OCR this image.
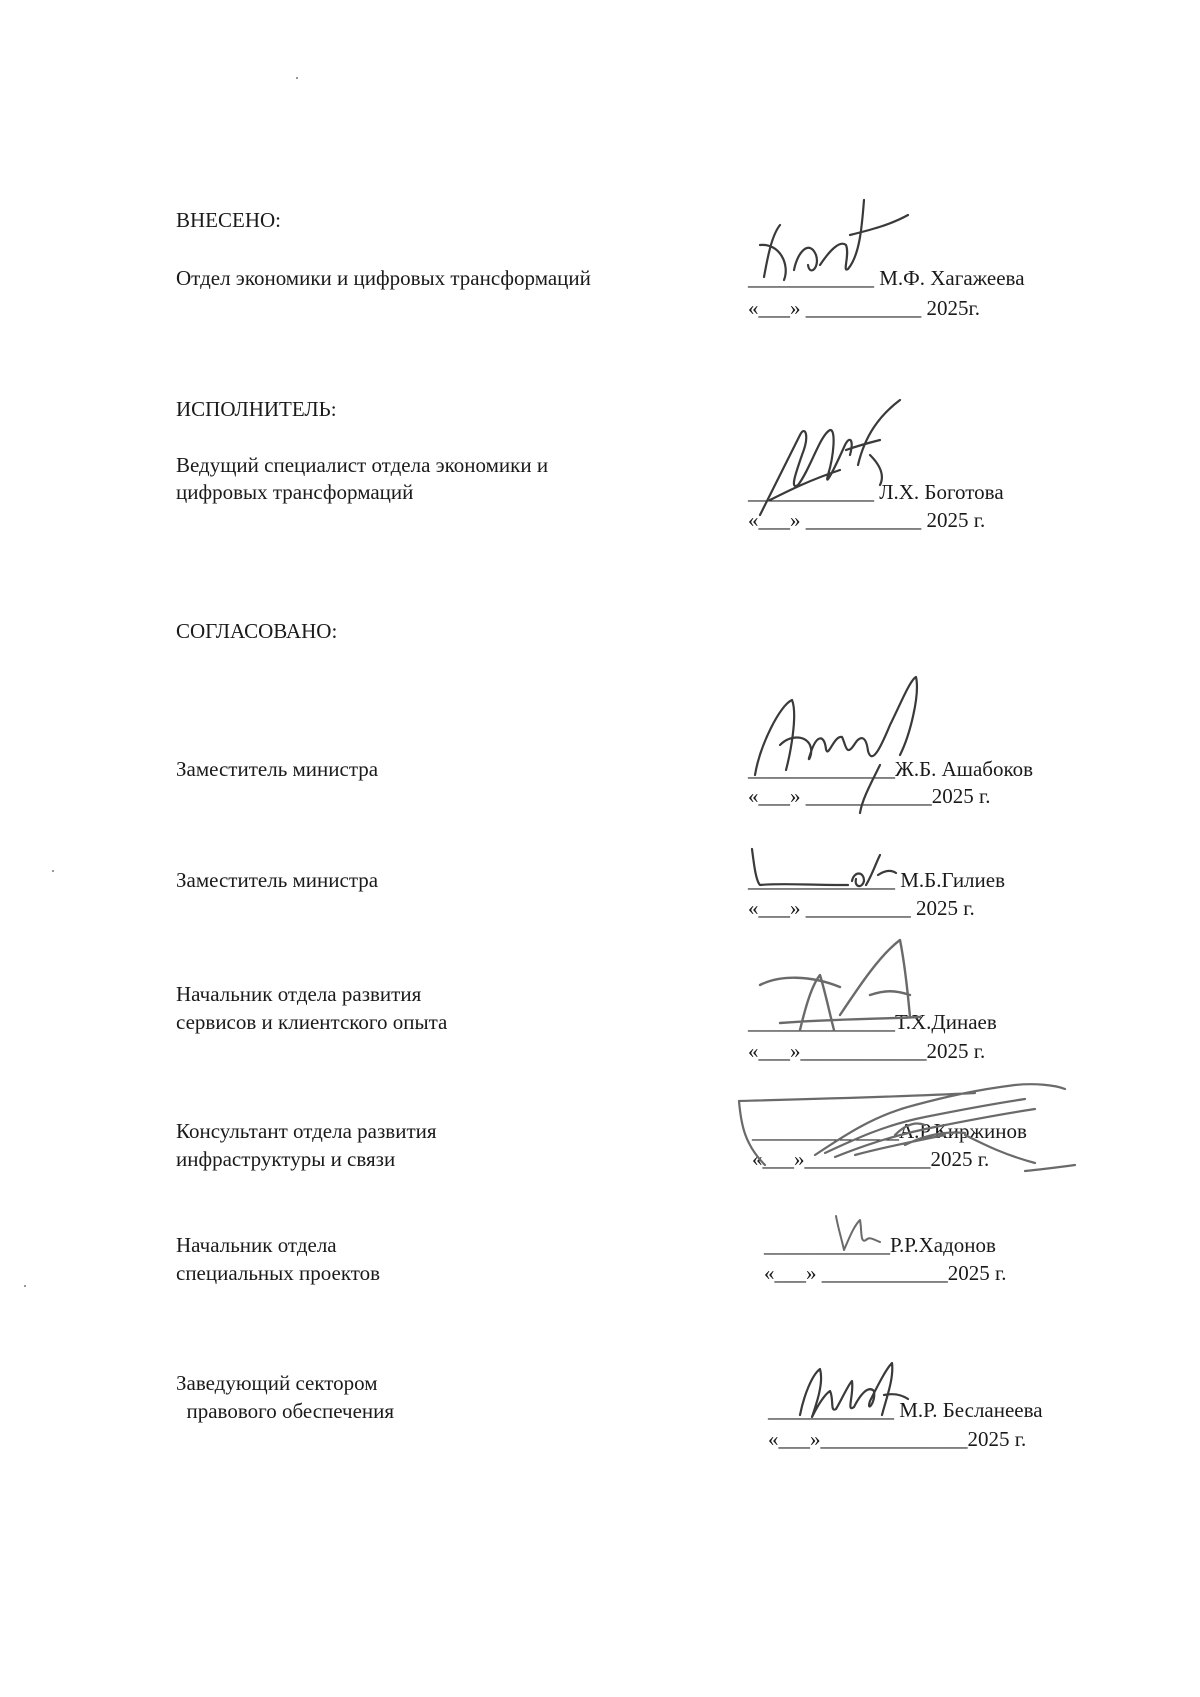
ВНЕСЕНО:
Отдел экономики и цифровых трансформаций	____________ М.Ф. Хагажеева
«___» ___________ 2025г.
ИСПОЛНИТЕЛЬ:
Ведущий специалист отдела экономики и
цифровых трансформаций	____________ Л.Х. Боготова
«___» ___________ 2025 г.
СОГЛАСОВАНО:
Заместитель министра	______________Ж.Б. Ашабоков
«___» ____________2025 г.
Заместитель министра	______________ М.Б.Гилиев
«___» __________ 2025 г.
Начальник отдела развития
сервисов и клиентского опыта	______________Т.Х.Динаев
«___»____________2025 г.
Консультант отдела развития
инфраструктуры и связи
______________А.Р.Киржинов
«___»____________2025 г.
Начальник отдела
специальных проектов
____________Р.Р.Хадонов
«___» ____________2025 г.
Заведующий сектором
правового обеспечения	____________ М.Р. Бесланеева
«___»______________2025 г.
